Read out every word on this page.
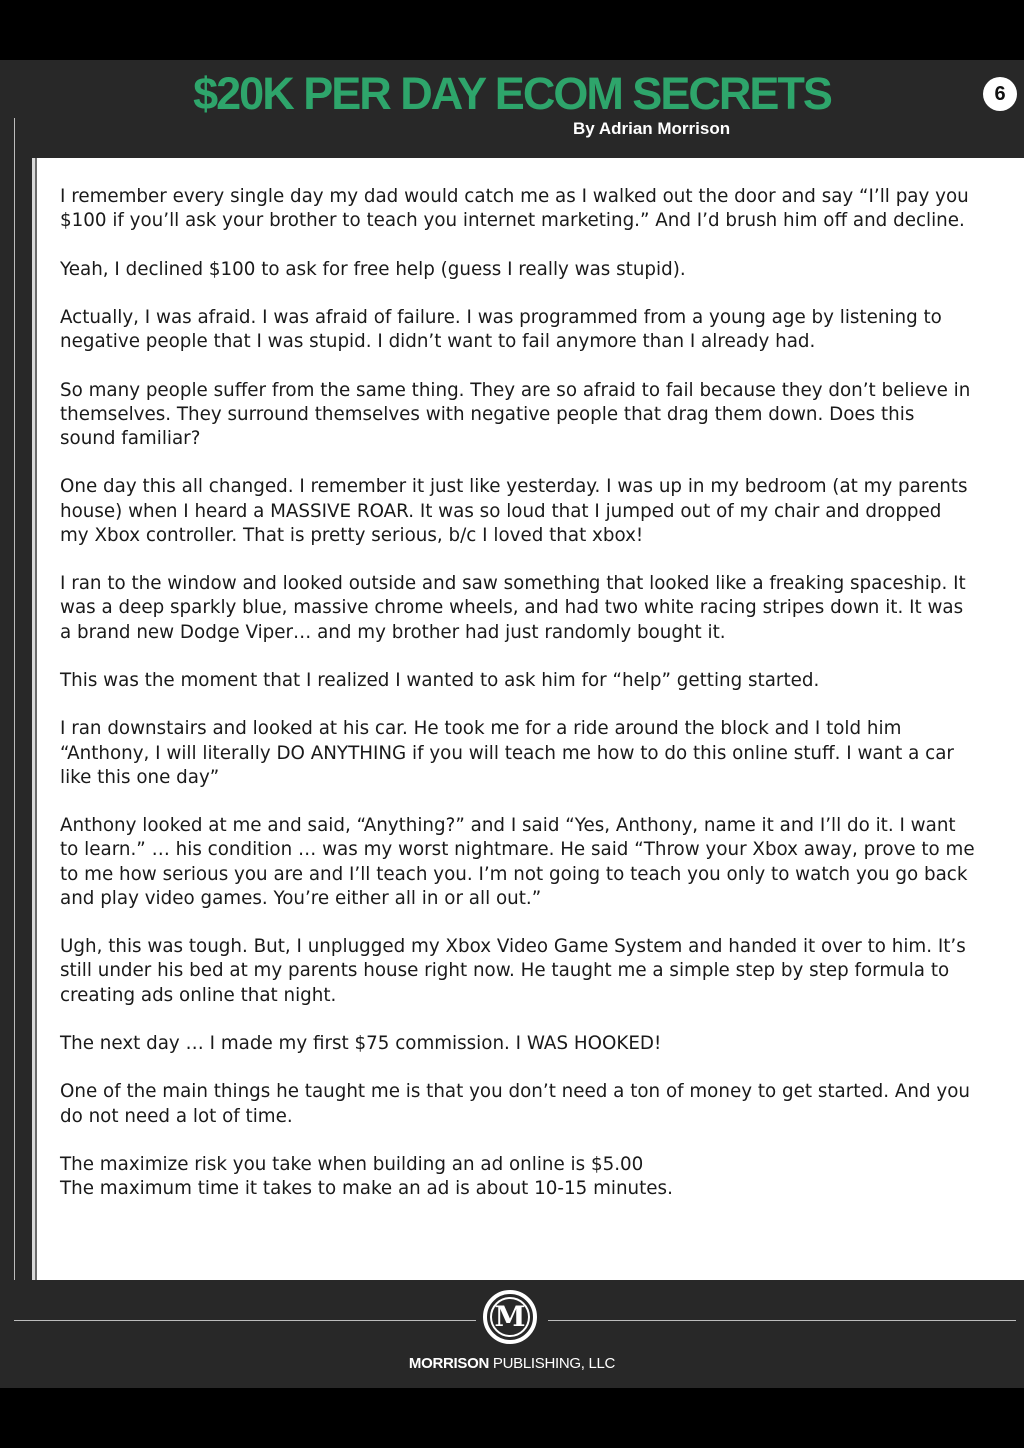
$20K PER DAY ECOM SECRETS
By Adrian Morrison
6

I remember every single day my dad would catch me as I walked out the door and say “I’ll pay you $100 if you’ll ask your brother to teach you internet marketing.” And I’d brush him off and decline.

Yeah, I declined $100 to ask for free help (guess I really was stupid).

Actually, I was afraid. I was afraid of failure. I was programmed from a young age by listening to negative people that I was stupid. I didn’t want to fail anymore than I already had.

So many people suffer from the same thing. They are so afraid to fail because they don’t believe in themselves. They surround themselves with negative people that drag them down. Does this sound familiar?

One day this all changed. I remember it just like yesterday. I was up in my bedroom (at my parents house) when I heard a MASSIVE ROAR. It was so loud that I jumped out of my chair and dropped my Xbox controller. That is pretty serious, b/c I loved that xbox!

I ran to the window and looked outside and saw something that looked like a freaking spaceship. It was a deep sparkly blue, massive chrome wheels, and had two white racing stripes down it. It was a brand new Dodge Viper… and my brother had just randomly bought it.

This was the moment that I realized I wanted to ask him for “help” getting started.

I ran downstairs and looked at his car. He took me for a ride around the block and I told him “Anthony, I will literally DO ANYTHING if you will teach me how to do this online stuff. I want a car like this one day”

Anthony looked at me and said, “Anything?” and I said “Yes, Anthony, name it and I’ll do it. I want to learn.” … his condition … was my worst nightmare. He said “Throw your Xbox away, prove to me to me how serious you are and I’ll teach you. I’m not going to teach you only to watch you go back and play video games. You’re either all in or all out.”

Ugh, this was tough. But, I unplugged my Xbox Video Game System and handed it over to him. It’s still under his bed at my parents house right now. He taught me a simple step by step formula to creating ads online that night.

The next day … I made my first $75 commission. I WAS HOOKED!

One of the main things he taught me is that you don’t need a ton of money to get started. And you do not need a lot of time.

The maximize risk you take when building an ad online is $5.00

The maximum time it takes to make an ad is about 10-15 minutes.

M
MORRISON PUBLISHING, LLC
